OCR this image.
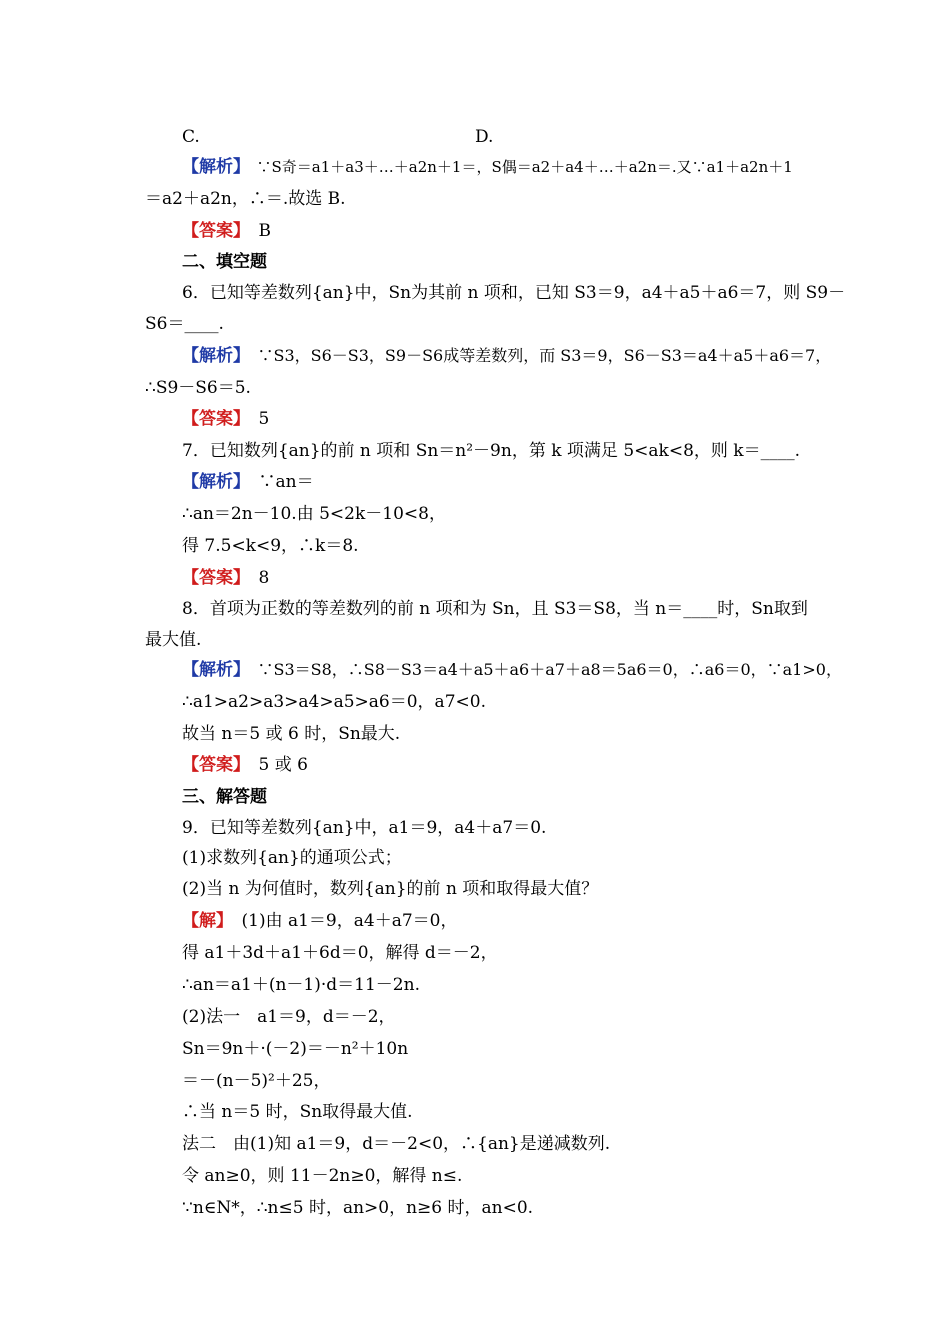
C.	D.
【解析】　∵S奇＝a1＋a3＋…＋a2n＋1＝，S偶＝a2＋a4＋…＋a2n＝.又∵a1＋a2n＋1
＝a2＋a2n，∴＝.故选 B.
【答案】　B
二、填空题
6．已知等差数列{an}中，Sn为其前 n 项和，已知 S3＝9，a4＋a5＋a6＝7，则 S9－
S6＝____.
【解析】　∵S3，S6－S3，S9－S6成等差数列，而 S3＝9，S6－S3＝a4＋a5＋a6＝7，
∴S9－S6＝5.
【答案】　5
7．已知数列{an}的前 n 项和 Sn＝n²－9n，第 k 项满足 5<ak<8，则 k＝____.
【解析】　∵an＝
∴an＝2n－10.由 5<2k－10<8，
得 7.5<k<9，∴k＝8.
【答案】　8
8．首项为正数的等差数列的前 n 项和为 Sn，且 S3＝S8，当 n＝____时，Sn取到
最大值.
【解析】　∵S3＝S8，∴S8－S3＝a4＋a5＋a6＋a7＋a8＝5a6＝0，∴a6＝0，∵a1>0，
∴a1>a2>a3>a4>a5>a6＝0，a7<0.
故当 n＝5 或 6 时，Sn最大.
【答案】　5 或 6
三、解答题
9．已知等差数列{an}中，a1＝9，a4＋a7＝0.
(1)求数列{an}的通项公式；
(2)当 n 为何值时，数列{an}的前 n 项和取得最大值？
【解】　(1)由 a1＝9，a4＋a7＝0，
得 a1＋3d＋a1＋6d＝0，解得 d＝－2，
∴an＝a1＋(n－1)·d＝11－2n.
(2)法一　a1＝9，d＝－2，
Sn＝9n＋·(－2)＝－n²＋10n
＝－(n－5)²＋25，
∴当 n＝5 时，Sn取得最大值.
法二　由(1)知 a1＝9，d＝－2<0，∴{an}是递减数列.
令 an≥0，则 11－2n≥0，解得 n≤.
∵n∈N*，∴n≤5 时，an>0，n≥6 时，an<0.
